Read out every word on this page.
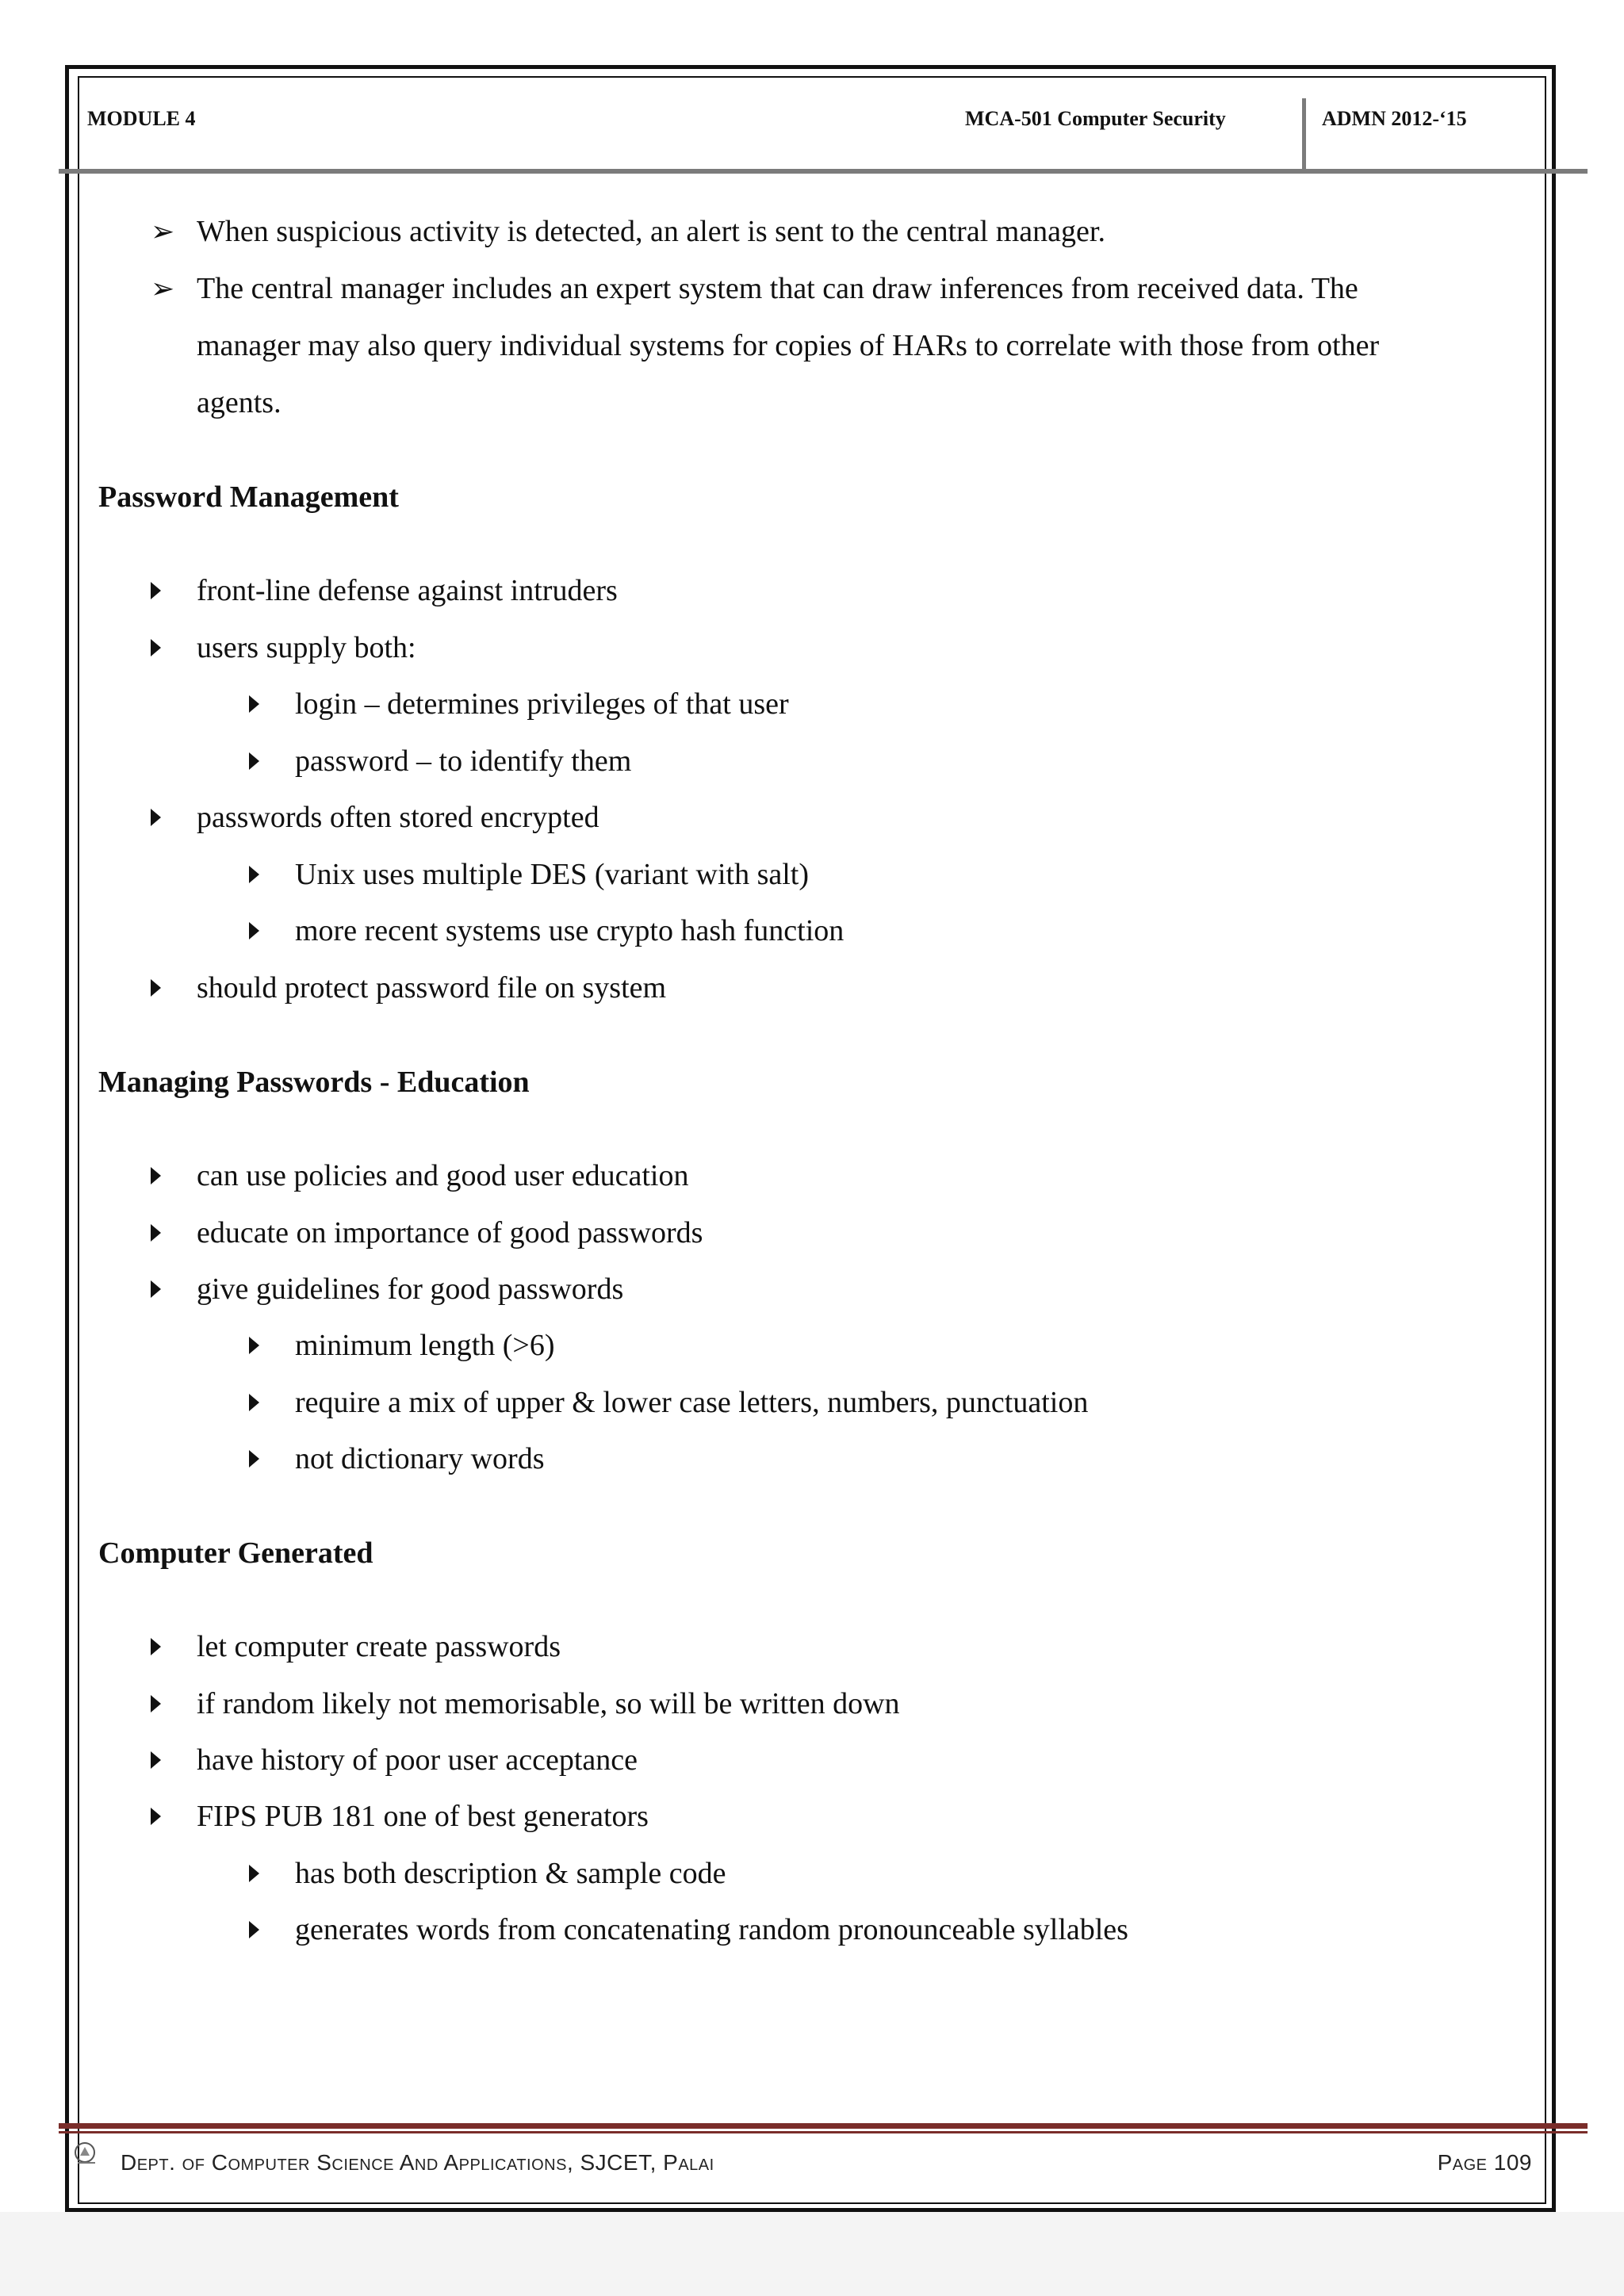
MODULE 4	MCA-501 Computer Security	ADMN 2012-‘15
➢ When suspicious activity is detected, an alert is sent to the central manager.
➢ The central manager includes an expert system that can draw inferences from received data. The
manager may also query individual systems for copies of HARs to correlate with those from other
agents.
Password Management
front-line defense against intruders
users supply both:
login – determines privileges of that user
password – to identify them
passwords often stored encrypted
Unix uses multiple DES (variant with salt)
more recent systems use crypto hash function
should protect password file on system
Managing Passwords - Education
can use policies and good user education
educate on importance of good passwords
give guidelines for good passwords
minimum length (>6)
require a mix of upper & lower case letters, numbers, punctuation
not dictionary words
Computer Generated
let computer create passwords
if random likely not memorisable, so will be written down
have history of poor user acceptance
FIPS PUB 181 one of best generators
has both description & sample code
generates words from concatenating random pronounceable syllables
Dept. of Computer Science And Applications, SJCET, Palai	Page 109
